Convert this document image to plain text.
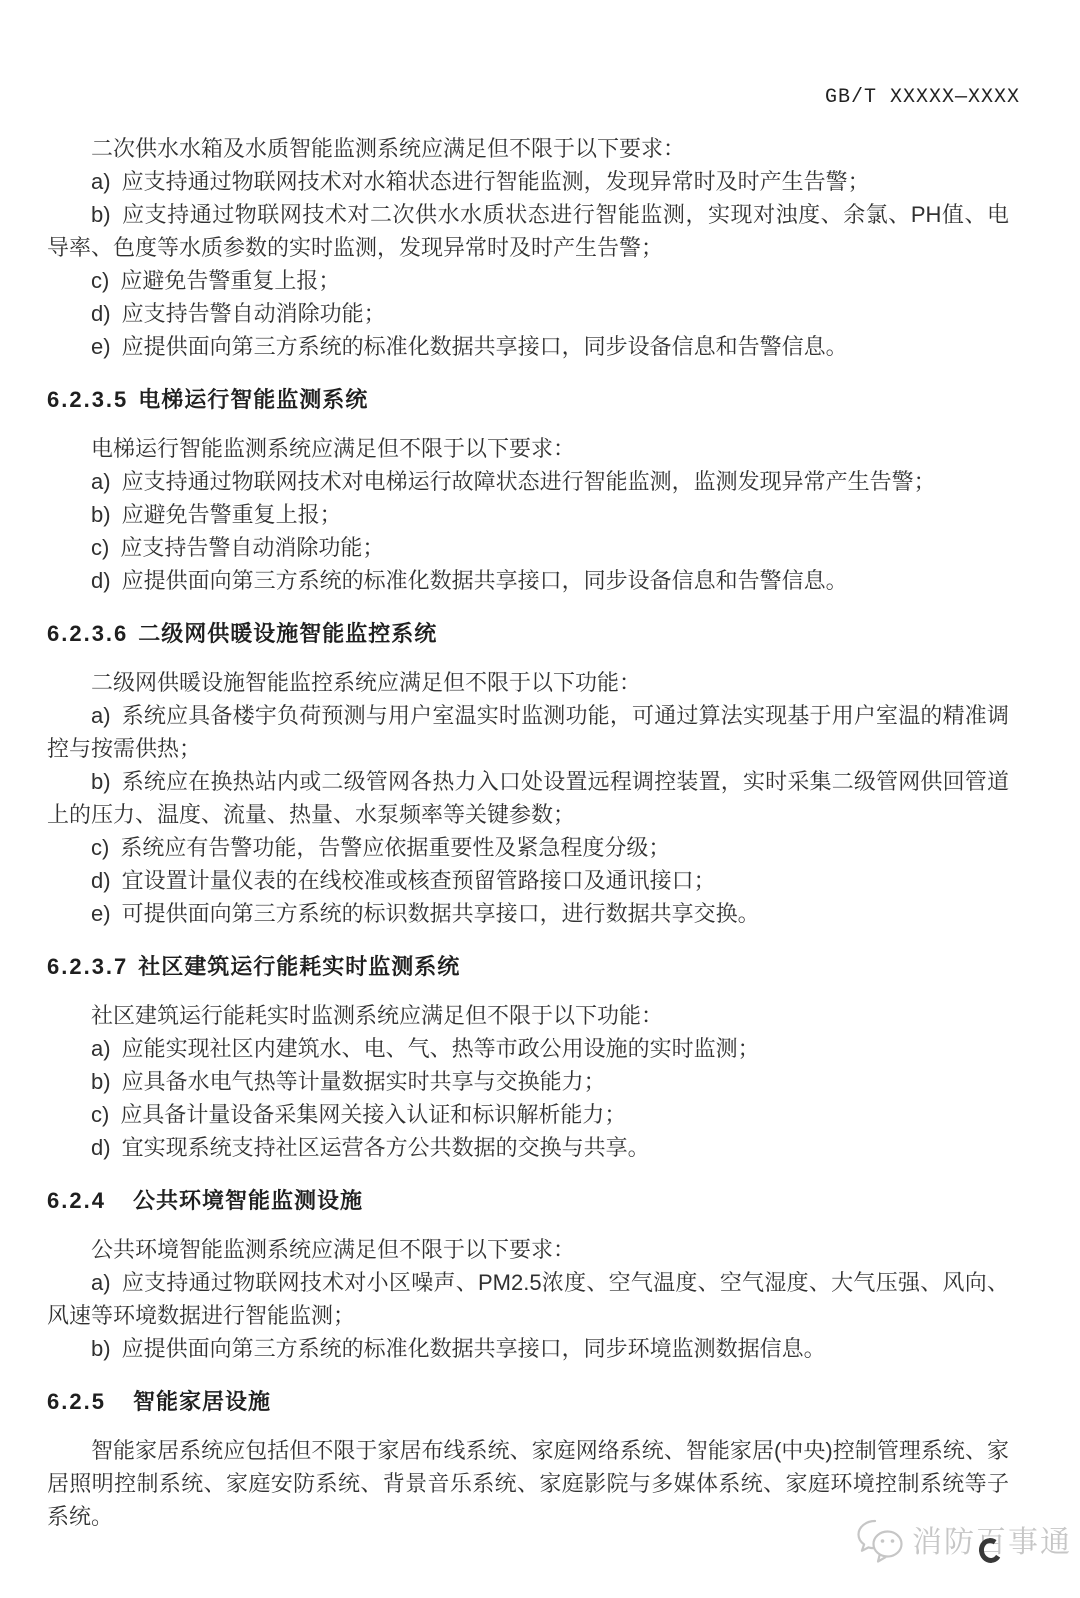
GB/T XXXXX—XXXX

二次供水水箱及水质智能监测系统应满足但不限于以下要求：

a) 应支持通过物联网技术对水箱状态进行智能监测，发现异常时及时产生告警；

b) 应支持通过物联网技术对二次供水水质状态进行智能监测，实现对浊度、余氯、PH值、电导率、色度等水质参数的实时监测，发现异常时及时产生告警；

c) 应避免告警重复上报；

d) 应支持告警自动消除功能；

e) 应提供面向第三方系统的标准化数据共享接口，同步设备信息和告警信息。

6.2.3.5 电梯运行智能监测系统

电梯运行智能监测系统应满足但不限于以下要求：

a) 应支持通过物联网技术对电梯运行故障状态进行智能监测，监测发现异常产生告警；

b) 应避免告警重复上报；

c) 应支持告警自动消除功能；

d) 应提供面向第三方系统的标准化数据共享接口，同步设备信息和告警信息。

6.2.3.6 二级网供暖设施智能监控系统

二级网供暖设施智能监控系统应满足但不限于以下功能：

a) 系统应具备楼宇负荷预测与用户室温实时监测功能，可通过算法实现基于用户室温的精准调控与按需供热；

b) 系统应在换热站内或二级管网各热力入口处设置远程调控装置，实时采集二级管网供回管道上的压力、温度、流量、热量、水泵频率等关键参数；

c) 系统应有告警功能，告警应依据重要性及紧急程度分级；

d) 宜设置计量仪表的在线校准或核查预留管路接口及通讯接口；

e) 可提供面向第三方系统的标识数据共享接口，进行数据共享交换。

6.2.3.7 社区建筑运行能耗实时监测系统

社区建筑运行能耗实时监测系统应满足但不限于以下功能：

a) 应能实现社区内建筑水、电、气、热等市政公用设施的实时监测；

b) 应具备水电气热等计量数据实时共享与交换能力；

c) 应具备计量设备采集网关接入认证和标识解析能力；

d) 宜实现系统支持社区运营各方公共数据的交换与共享。

6.2.4 公共环境智能监测设施

公共环境智能监测系统应满足但不限于以下要求：

a) 应支持通过物联网技术对小区噪声、PM2.5浓度、空气温度、空气湿度、大气压强、风向、风速等环境数据进行智能监测；

b) 应提供面向第三方系统的标准化数据共享接口，同步环境监测数据信息。

6.2.5 智能家居设施

智能家居系统应包括但不限于家居布线系统、家庭网络系统、智能家居(中央)控制管理系统、家居照明控制系统、家庭安防系统、背景音乐系统、家庭影院与多媒体系统、家庭环境控制系统等子系统。

消防百事通
